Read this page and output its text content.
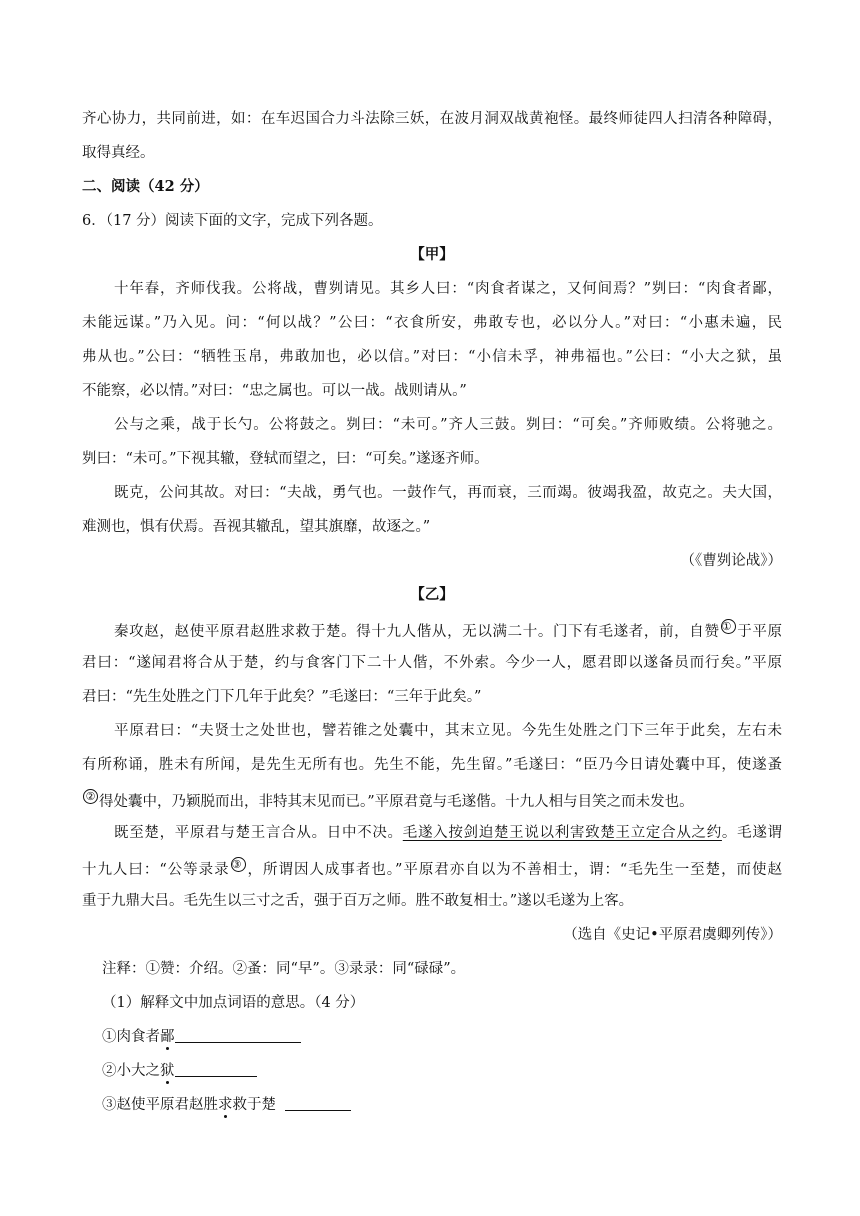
齐心协力，共同前进，如：在车迟国合力斗法除三妖，在波月洞双战黄袍怪。最终师徒四人扫清各种障碍，
取得真经。
二、阅读（42 分）
6．（17 分）阅读下面的文字，完成下列各题。
【甲】
十年春，齐师伐我。公将战，曹刿请见。其乡人曰：“肉食者谋之，又何间焉？”刿曰：“肉食者鄙，
未能远谋。”乃入见。问：“何以战？”公曰：“衣食所安，弗敢专也，必以分人。”对曰：“小惠未遍，民
弗从也。”公曰：“牺牲玉帛，弗敢加也，必以信。”对曰：“小信未孚，神弗福也。”公曰：“小大之狱，虽
不能察，必以情。”对曰：“忠之属也。可以一战。战则请从。”
公与之乘，战于长勺。公将鼓之。刿曰：“未可。”齐人三鼓。刿曰：“可矣。”齐师败绩。公将驰之。
刿曰：“未可。”下视其辙，登轼而望之，曰：“可矣。”遂逐齐师。
既克，公问其故。对曰：“夫战，勇气也。一鼓作气，再而衰，三而竭。彼竭我盈，故克之。夫大国，
难测也，惧有伏焉。吾视其辙乱，望其旗靡，故逐之。”
（《曹刿论战》）
【乙】
秦攻赵，赵使平原君赵胜求救于楚。得十九人偕从，无以满二十。门下有毛遂者，前，自赞 ① 于平原
君曰：“遂闻君将合从于楚，约与食客门下二十人偕，不外索。今少一人，愿君即以遂备员而行矣。”平原
君曰：“先生处胜之门下几年于此矣？”毛遂曰：“三年于此矣。”
平原君曰：“夫贤士之处世也，譬若锥之处囊中，其末立见。今先生处胜之门下三年于此矣，左右未
有所称诵，胜未有所闻，是先生无所有也。先生不能，先生留。”毛遂曰：“臣乃今日请处囊中耳，使遂蚤
② 得处囊中，乃颖脱而出，非特其末见而已。”平原君竟与毛遂偕。十九人相与目笑之而未发也。
既至楚，平原君与楚王言合从。日中不决。毛遂入按剑迫楚王说以利害致楚王立定合从之约。毛遂谓
十九人曰：“公等录录 ③ ，所谓因人成事者也。”平原君亦自以为不善相士，谓：“毛先生一至楚，而使赵
重于九鼎大吕。毛先生以三寸之舌，强于百万之师。胜不敢复相士。”遂以毛遂为上客。
（选自《史记•平原君虞卿列传》）
注释：①赞：介绍。②蚤：同“早”。③录录：同“碌碌”。
（1）解释文中加点词语的意思。（4 分）
①肉食者鄙
②小大之狱
③赵使平原君赵胜求救于楚
